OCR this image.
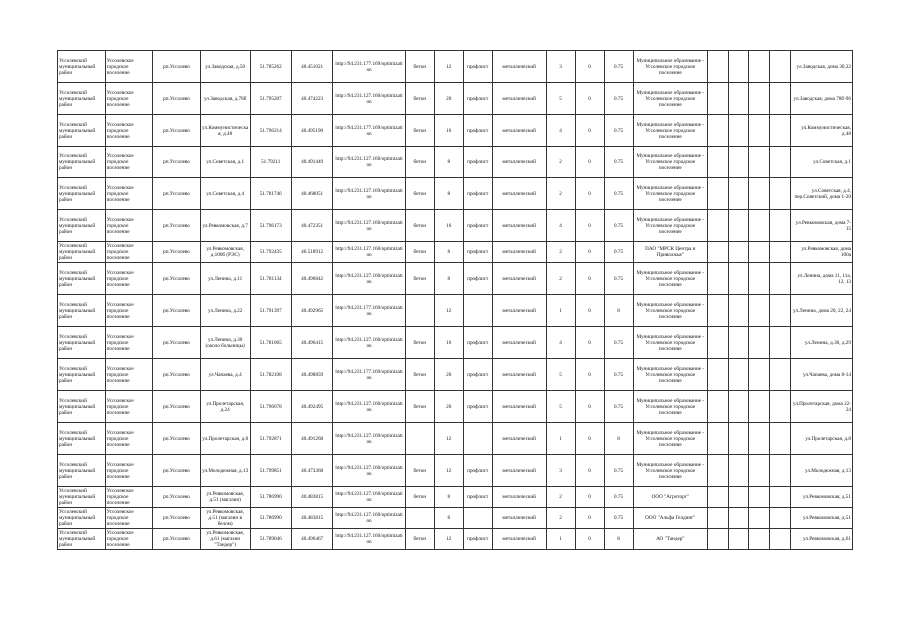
Уссолевский муниципальный район	Уссолевское городское поселение	рп.Уссолево	ул.Заводская, д.50	51.785262	40.451021	http://94.231.177.169/optimization	бетон	12	профлист	металлический	3	0	0.75	Муниципальное образование - Уссолевское городское поселение					ул.Заводская, дома 30,32
Уссолевский муниципальный район	Уссолевское городское поселение	рп.Уссолево	ул.Заводская, д.78б	51.795207	40.474223	http://94.231.127.160/optimization	бетон	20	профлист	металлический	5	0	0.75	Муниципальное образование - Уссолевское городское поселение					ул.Заводская, дома 78б-96
Уссолевский муниципальный район	Уссолевское городское поселение	рп.Уссолево	ул.Коммунистическая, д.48	51.796214	40.495190	http://94.231.177.169/optimization	бетон	16	профлист	металлический	4	0	0.75	Муниципальное образование - Уссолевское городское поселение					ул.Коммунистическая, д.48
Уссолевский муниципальный район	Уссолевское городское поселение	рп.Уссолево	ул.Советская, д.1	51.79211	40.491449	http://94.231.127.160/optimization	бетон	8	профлист	металлический	2	0	0.75	Муниципальное образование - Уссолевское городское поселение					ул.Советская, д.1
Уссолевский муниципальный район	Уссолевское городское поселение	рп.Уссолево	ул.Советская, д.4	51.781746	40.468051	http://94.231.127.169/optimization	бетон	8	профлист	металлический	2	0	0.75	Муниципальное образование - Уссолевское городское поселение					ул.Советская, д.4, пер.Советский, дома 1-20
Уссолевский муниципальный район	Уссолевское городское поселение	рп.Уссолево	ул.Ревкомовская, д.7	51.796173	40.472351	http://94.231.127.160/optimization	бетон	16	профлист	металлический	4	0	0.75	Муниципальное образование - Уссолевское городское поселение					ул.Ревкомовская, дома 7-15
Уссолевский муниципальный район	Уссолевское городское поселение	рп.Уссолево	ул.Ревкомовская, д.100б (РЭС)	51.792435	40.518912	http://94.231.127.160/optimization	бетон	8	профлист	металлический	2	0	0.75	ПАО "МРСК Центра и Приволжья"					ул.Ревкомовская, дома 100а
Уссолевский муниципальный район	Уссолевское городское поселение	рп.Уссолево	ул.Ленина, д.11	51.781134	40.496842	http://94.231.127.160/optimization	бетон	8	профлист	металлический	2	0	0.75	Муниципальное образование - Уссолевское городское поселение					ул.Ленина, дома 11, 11а, 12, 13
Уссолевский муниципальный район	Уссолевское городское поселение	рп.Уссолево	ул.Ленина, д.22	51.791397	40.492965	http://94.231.177.169/optimization		12		металлический	1	0	8	Муниципальное образование - Уссолевское городское поселение					ул.Ленина, дома 20, 22, 24
Уссолевский муниципальный район	Уссолевское городское поселение	рп.Уссолево	ул.Ленина, д.30 (около больницы)	51.781065	40.496415	http://94.231.127.160/optimization	бетон	16	профлист	металлический	4	0	0.75	Муниципальное образование - Уссолевское городское поселение					ул.Ленина, д.30, д.29
Уссолевский муниципальный район	Уссолевское городское поселение	рп.Уссолево	ул.Чапаева, д.4	51.782108	40.498859	http://94.231.177.169/optimization	бетон	20	профлист	металлический	5	0	0.75	Муниципальное образование - Уссолевское городское поселение					ул.Чапаева, дома 8-14
Уссолевский муниципальный район	Уссолевское городское поселение	рп.Уссолево	ул.Пролетарская, д.24	51.796678	40.492495	http://94.231.127.160/optimization	бетон	20	профлист	металлический	5	0	0.75	Муниципальное образование - Уссолевское городское поселение					ул.Пролетарская, дома 22-24
Уссолевский муниципальный район	Уссолевское городское поселение	рп.Уссолево	ул.Пролетарская, д.8	51.792871	40.491268	http://94.231.127.169/optimization		12		металлический	1	0	8	Муниципальное образование - Уссолевское городское поселение					ул.Пролетарская, д.8
Уссолевский муниципальный район	Уссолевское городское поселение	рп.Уссолево	ул.Молодежная, д.13	51.799851	40.473368	http://94.231.127.160/optimization	бетон	12	профлист	металлический	3	0	0.75	Муниципальное образование - Уссолевское городское поселение					ул.Молодежная, д.13
Уссолевский муниципальный район	Уссолевское городское поселение	рп.Уссолево	ул.Ревкомовская, д.51 (магазин)	51.786990	40.483815	http://94.231.127.160/optimization	бетон	8	профлист	металлический	2	0	0.75	ООО "Агроторг"					ул.Ревкомовская, д.51
Уссолевский муниципальный район	Уссолевское городское поселение	рп.Уссолево	ул.Ревкомовская, д.51 (магазин в белом)	51.786990	40.483815	http://94.231.127.160/optimization		8		металлический	2	0	0.75	ООО "Альфа Гелдинг"					ул.Ревкомовская, д.51
Уссолевский муниципальный район	Уссолевское городское поселение	рп.Уссолево	ул.Ревкомовская, д.61 (магазин "Тандер")	51.789046	40.496467	http://94.231.127.160/optimization	бетон	12	профлист	металлический	1	0	8	АО "Тандер"					ул.Ревкомовская, д.61
